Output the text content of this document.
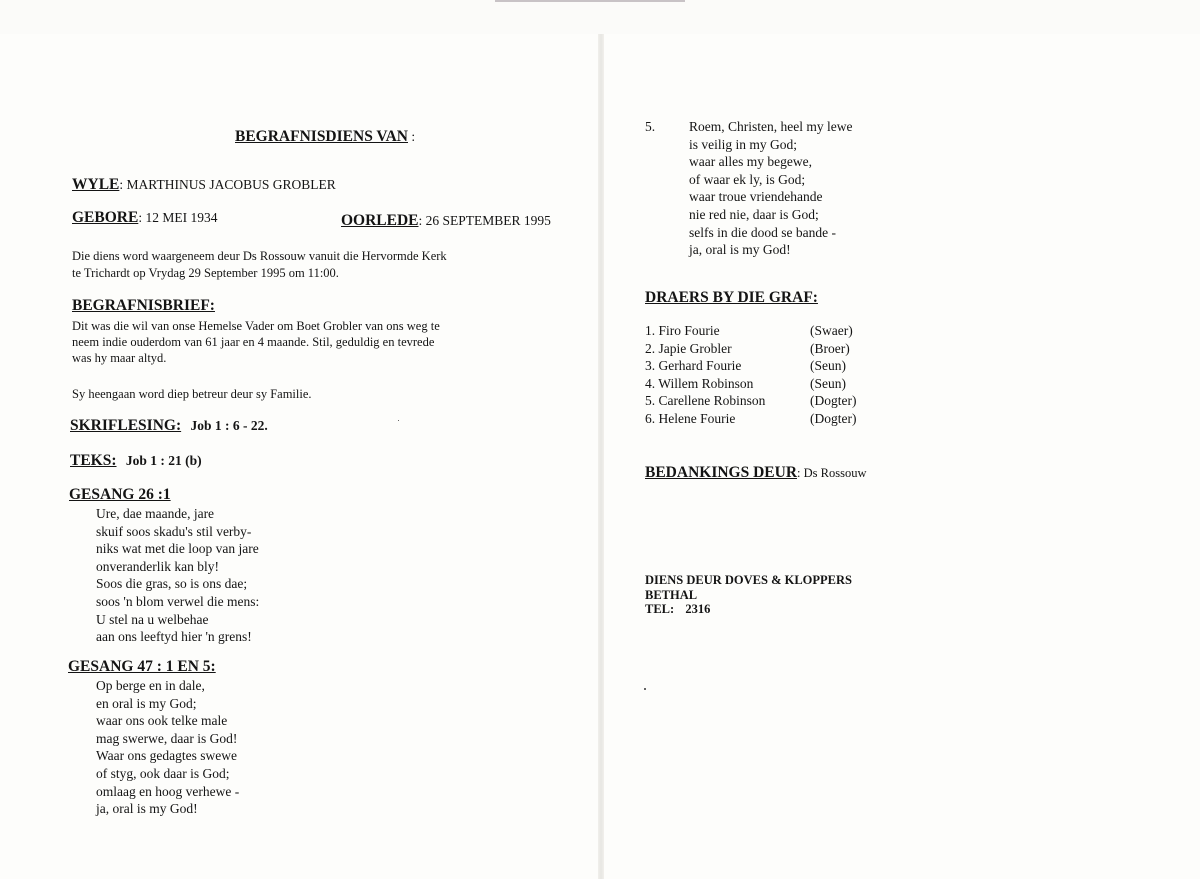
BEGRAFNISDIENS VAN :
WYLE: MARTHINUS JACOBUS GROBLER
GEBORE: 12 MEI 1934	OORLEDE: 26 SEPTEMBER 1995
Die diens word waargeneem deur Ds Rossouw vanuit die Hervormde Kerk
te Trichardt op Vrydag 29 September 1995 om 11:00.
BEGRAFNISBRIEF:
Dit was die wil van onse Hemelse Vader om Boet Grobler van ons weg te
neem indie ouderdom van 61 jaar en 4 maande. Stil, geduldig en tevrede
was hy maar altyd.
Sy heengaan word diep betreur deur sy Familie.
SKRIFLESING: Job 1 : 6 - 22.
TEKS: Job 1 : 21 (b)
GESANG 26 :1
Ure, dae maande, jare
skuif soos skadu's stil verby-
niks wat met die loop van jare
onveranderlik kan bly!
Soos die gras, so is ons dae;
soos 'n blom verwel die mens:
U stel na u welbehae
aan ons leeftyd hier 'n grens!
GESANG 47 : 1 EN 5:
Op berge en in dale,
en oral is my God;
waar ons ook telke male
mag swerwe, daar is God!
Waar ons gedagtes swewe
of styg, ook daar is God;
omlaag en hoog verhewe -
ja, oral is my God!
5.	Roem, Christen, heel my lewe
is veilig in my God;
waar alles my begewe,
of waar ek ly, is God;
waar troue vriendehande
nie red nie, daar is God;
selfs in die dood se bande -
ja, oral is my God!
DRAERS BY DIE GRAF:
1. Firo Fourie	(Swaer)
2. Japie Grobler	(Broer)
3. Gerhard Fourie	(Seun)
4. Willem Robinson	(Seun)
5. Carellene Robinson	(Dogter)
6. Helene Fourie	(Dogter)
BEDANKINGS DEUR: Ds Rossouw
DIENS DEUR DOVES & KLOPPERS
BETHAL
TEL: 2316
